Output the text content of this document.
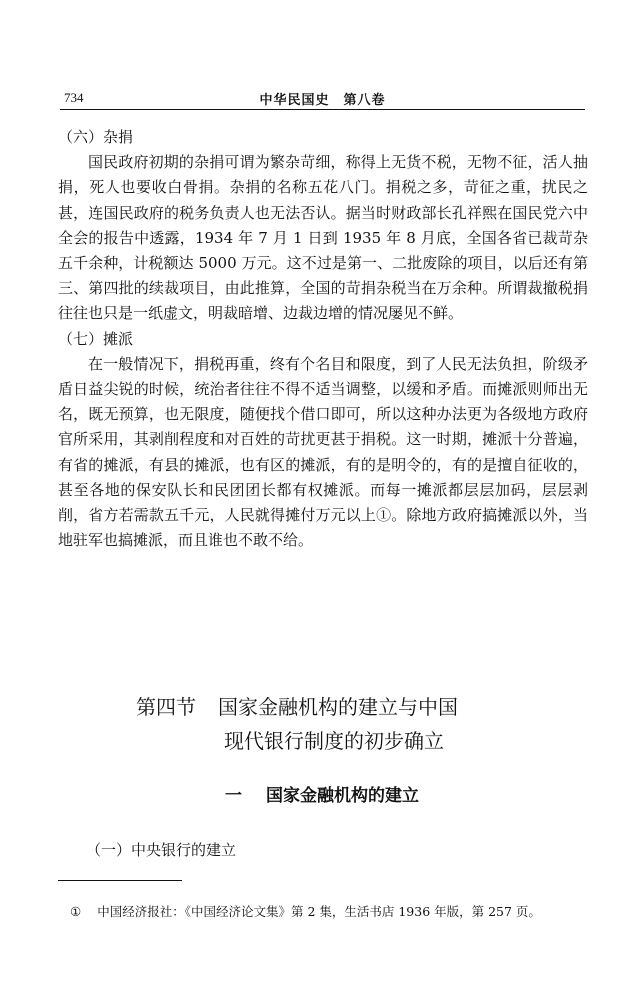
734	中华民国史　第八卷
（六）杂捐

国民政府初期的杂捐可谓为繁杂苛细，称得上无货不税，无物不征，活人抽捐，死人也要收白骨捐。杂捐的名称五花八门。捐税之多，苛征之重，扰民之甚，连国民政府的税务负责人也无法否认。据当时财政部长孔祥熙在国民党六中全会的报告中透露，1934 年 7 月 1 日到 1935 年 8 月底，全国各省已裁苛杂五千余种，计税额达 5000 万元。这不过是第一、二批废除的项目，以后还有第三、第四批的续裁项目，由此推算，全国的苛捐杂税当在万余种。所谓裁撤税捐往往也只是一纸虚文，明裁暗增、边裁边增的情况屡见不鲜。

（七）摊派

在一般情况下，捐税再重，终有个名目和限度，到了人民无法负担，阶级矛盾日益尖锐的时候，统治者往往不得不适当调整，以缓和矛盾。而摊派则师出无名，既无预算，也无限度，随便找个借口即可，所以这种办法更为各级地方政府官所采用，其剥削程度和对百姓的苛扰更甚于捐税。这一时期，摊派十分普遍，有省的摊派，有县的摊派，也有区的摊派，有的是明令的，有的是擅自征收的，甚至各地的保安队长和民团团长都有权摊派。而每一摊派都层层加码，层层剥削，省方若需款五千元，人民就得摊付万元以上①。除地方政府搞摊派以外，当地驻军也搞摊派，而且谁也不敢不给。

第四节 国家金融机构的建立与中国
现代银行制度的初步确立
一 国家金融机构的建立
（一）中央银行的建立
① 中国经济报社：《中国经济论文集》第 2 集，生活书店 1936 年版，第 257 页。
